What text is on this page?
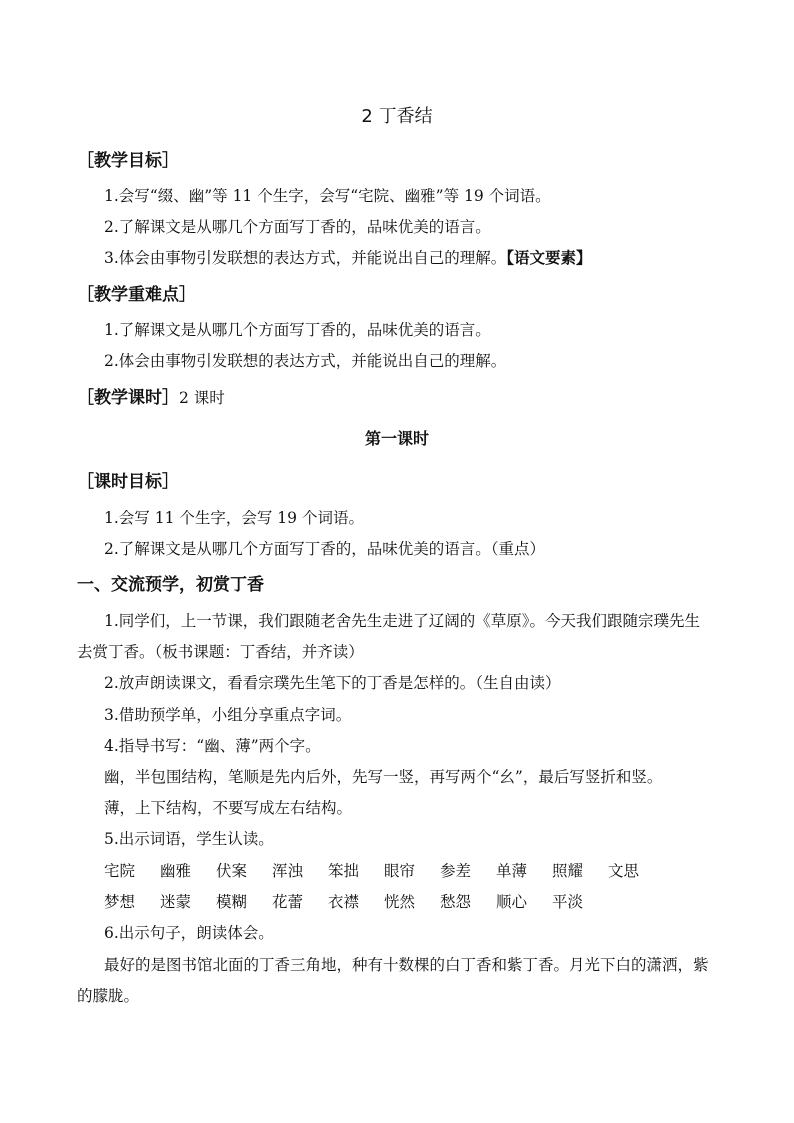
2 丁香结
［教学目标］
1.会写“缀、幽”等 11 个生字，会写“宅院、幽雅”等 19 个词语。
2.了解课文是从哪几个方面写丁香的，品味优美的语言。
3.体会由事物引发联想的表达方式，并能说出自己的理解。【语文要素】
［教学重难点］
1.了解课文是从哪几个方面写丁香的，品味优美的语言。
2.体会由事物引发联想的表达方式，并能说出自己的理解。
［教学课时］2 课时
第一课时
［课时目标］
1.会写 11 个生字，会写 19 个词语。
2.了解课文是从哪几个方面写丁香的，品味优美的语言。（重点）
一、交流预学，初赏丁香
1.同学们，上一节课，我们跟随老舍先生走进了辽阔的《草原》。今天我们跟随宗璞先生
去赏丁香。（板书课题：丁香结，并齐读）
2.放声朗读课文，看看宗璞先生笔下的丁香是怎样的。（生自由读）
3.借助预学单，小组分享重点字词。
4.指导书写：“幽、薄”两个字。
幽，半包围结构，笔顺是先内后外，先写一竖，再写两个“幺”，最后写竖折和竖。
薄，上下结构，不要写成左右结构。
5.出示词语，学生认读。
宅院	幽雅	伏案	浑浊	笨拙	眼帘	参差	单薄	照耀	文思
梦想	迷蒙	模糊	花蕾	衣襟	恍然	愁怨	顺心	平淡
6.出示句子，朗读体会。
最好的是图书馆北面的丁香三角地，种有十数棵的白丁香和紫丁香。月光下白的潇洒，紫
的朦胧。
